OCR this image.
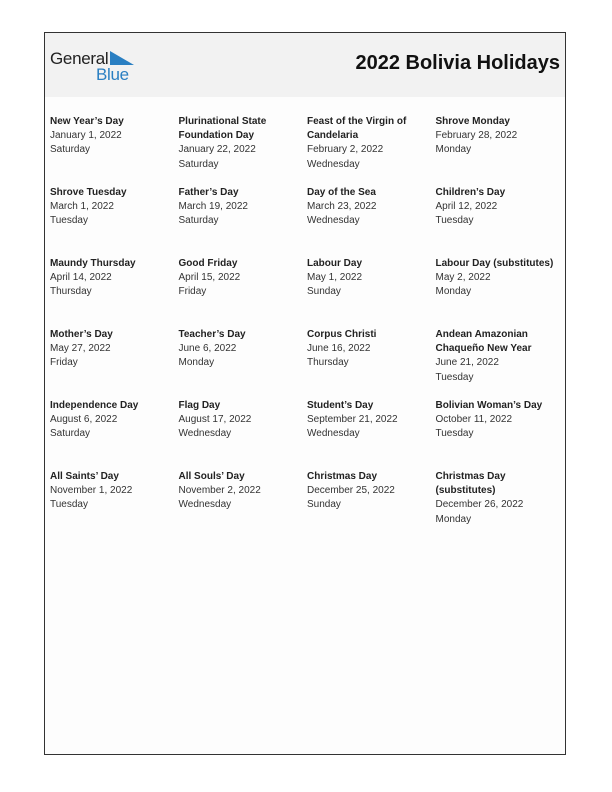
General
Blue
2022 Bolivia Holidays
New Year’s Day
January 1, 2022
Saturday
Plurinational State Foundation Day
January 22, 2022
Saturday
Feast of the Virgin of Candelaria
February 2, 2022
Wednesday
Shrove Monday
February 28, 2022
Monday
Shrove Tuesday
March 1, 2022
Tuesday
Father’s Day
March 19, 2022
Saturday
Day of the Sea
March 23, 2022
Wednesday
Children’s Day
April 12, 2022
Tuesday
Maundy Thursday
April 14, 2022
Thursday
Good Friday
April 15, 2022
Friday
Labour Day
May 1, 2022
Sunday
Labour Day (substitutes)
May 2, 2022
Monday
Mother’s Day
May 27, 2022
Friday
Teacher’s Day
June 6, 2022
Monday
Corpus Christi
June 16, 2022
Thursday
Andean Amazonian Chaqueño New Year
June 21, 2022
Tuesday
Independence Day
August 6, 2022
Saturday
Flag Day
August 17, 2022
Wednesday
Student’s Day
September 21, 2022
Wednesday
Bolivian Woman’s Day
October 11, 2022
Tuesday
All Saints’ Day
November 1, 2022
Tuesday
All Souls’ Day
November 2, 2022
Wednesday
Christmas Day
December 25, 2022
Sunday
Christmas Day (substitutes)
December 26, 2022
Monday
